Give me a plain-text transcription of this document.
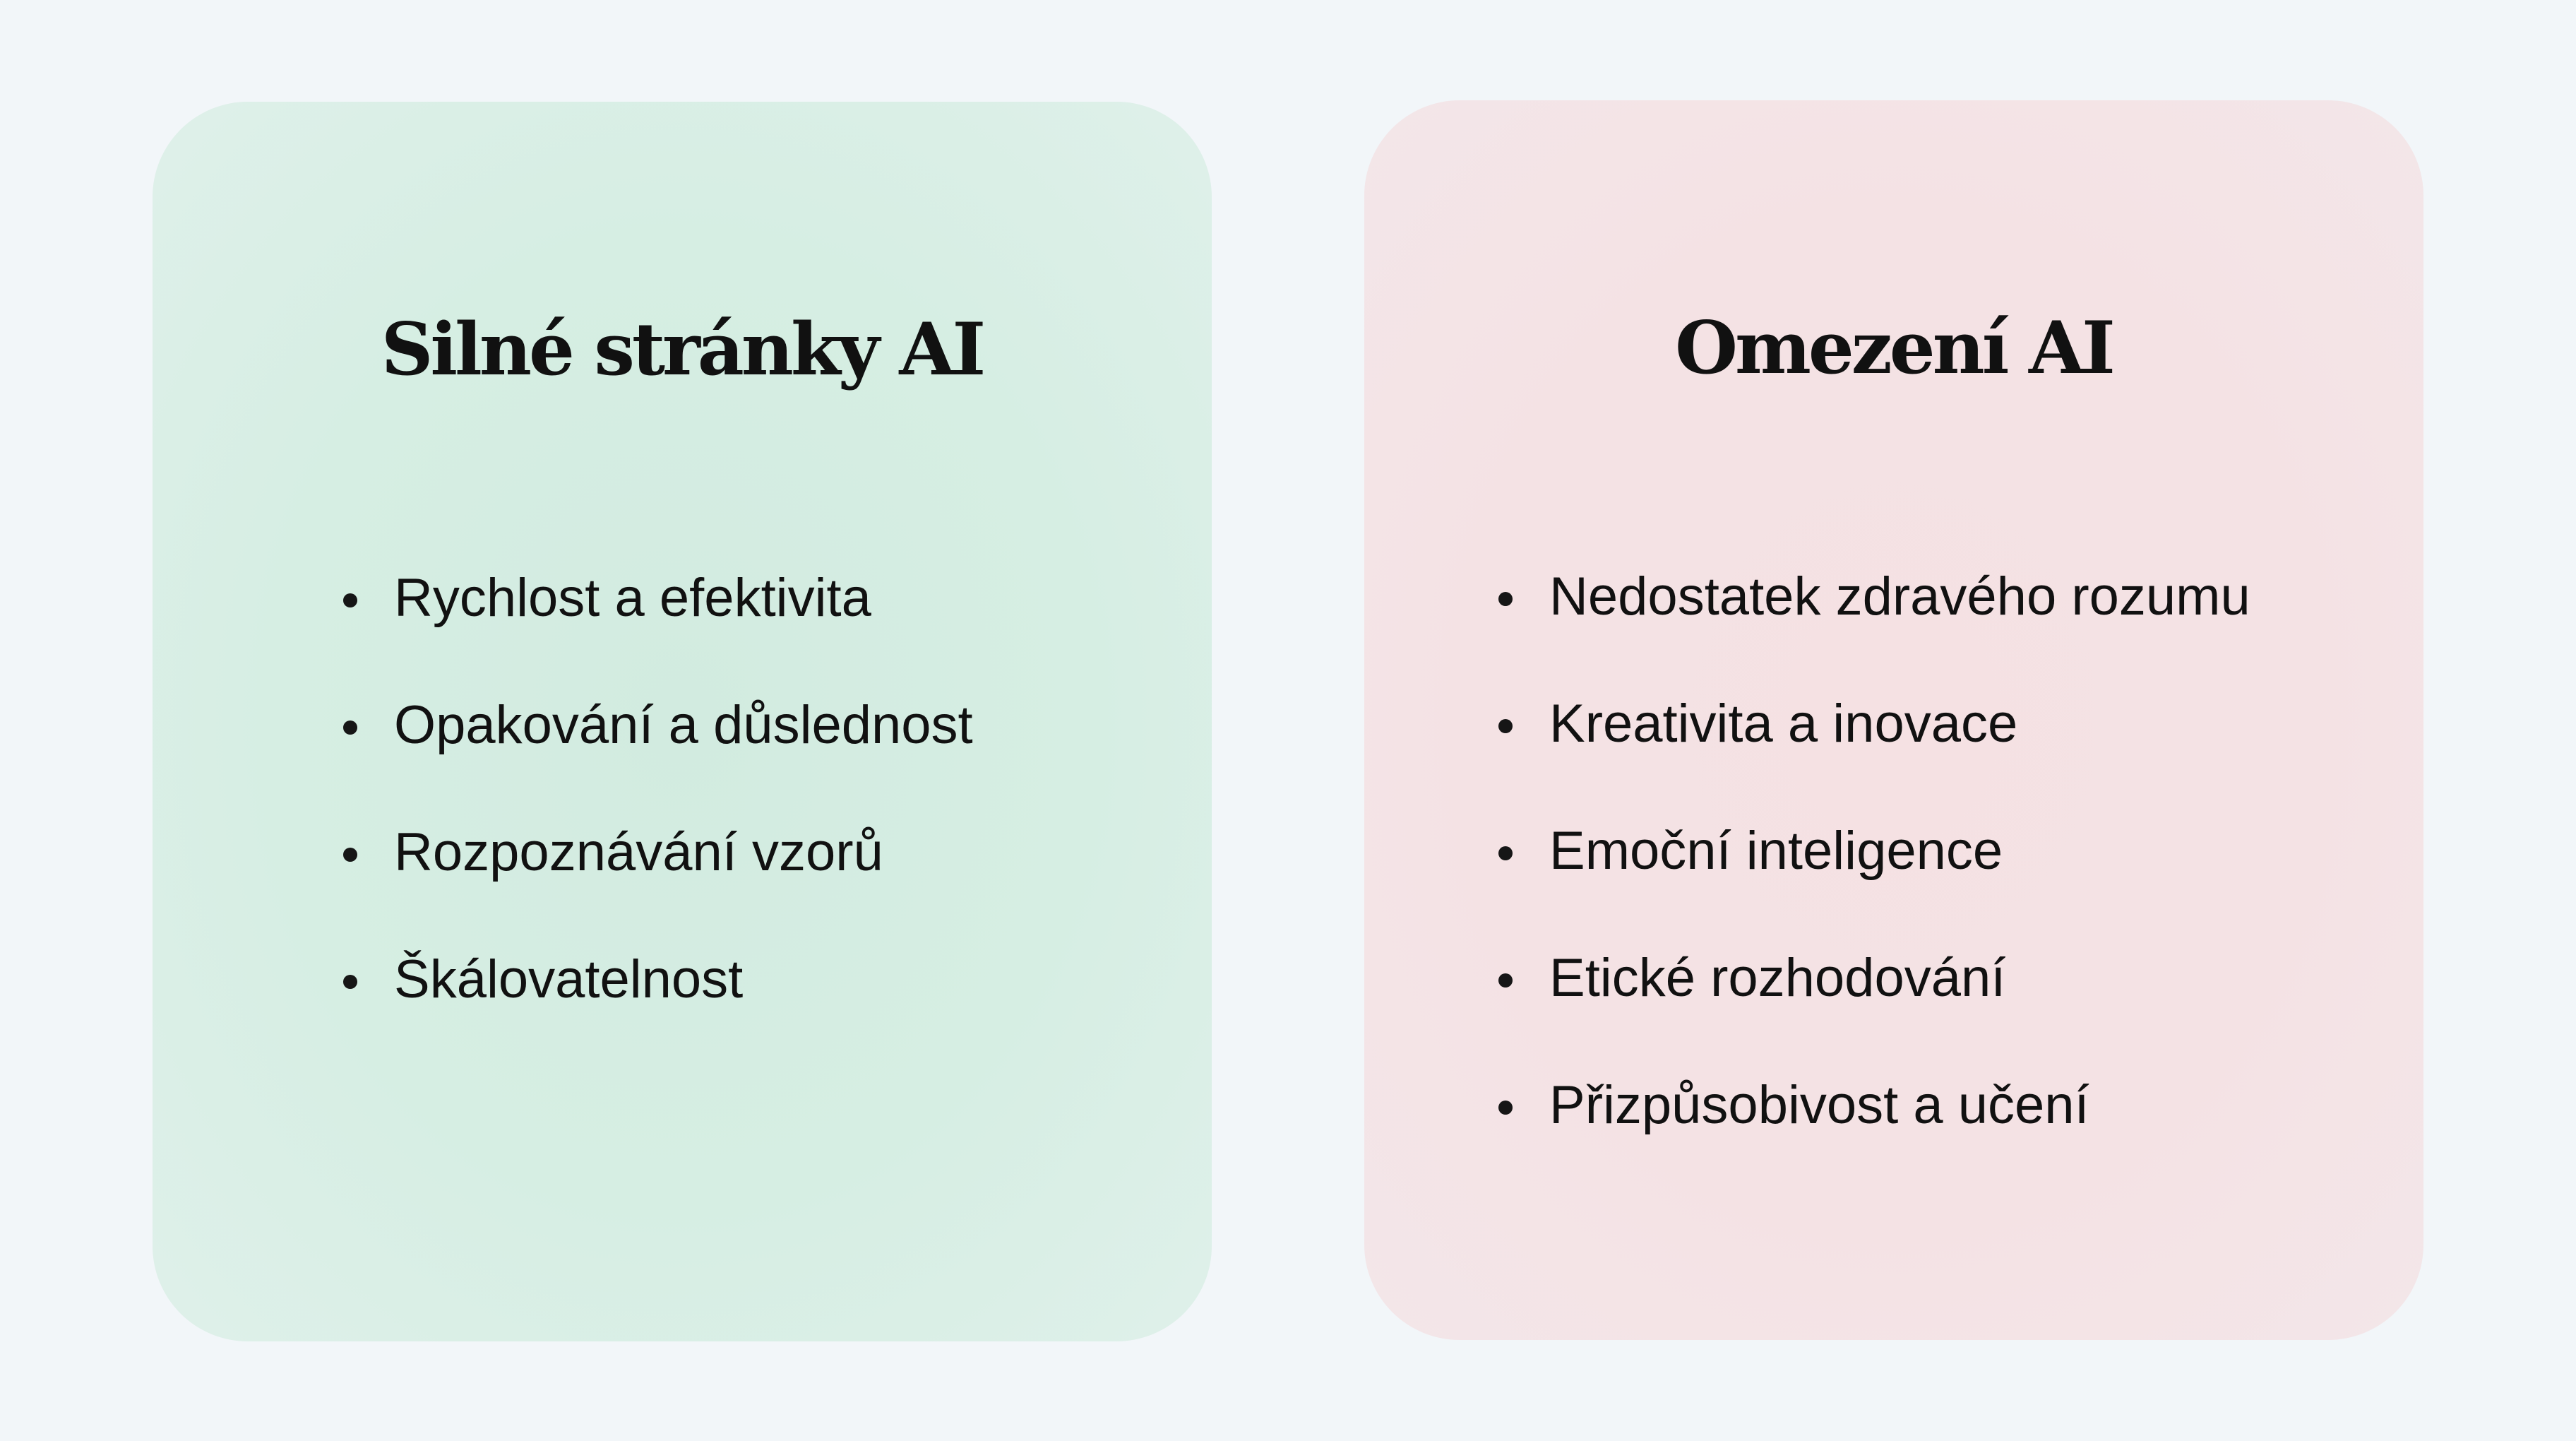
Silné stránky AI
Rychlost a efektivita
Opakování a důslednost
Rozpoznávání vzorů
Škálovatelnost
Omezení AI
Nedostatek zdravého rozumu
Kreativita a inovace
Emoční inteligence
Etické rozhodování
Přizpůsobivost a učení
